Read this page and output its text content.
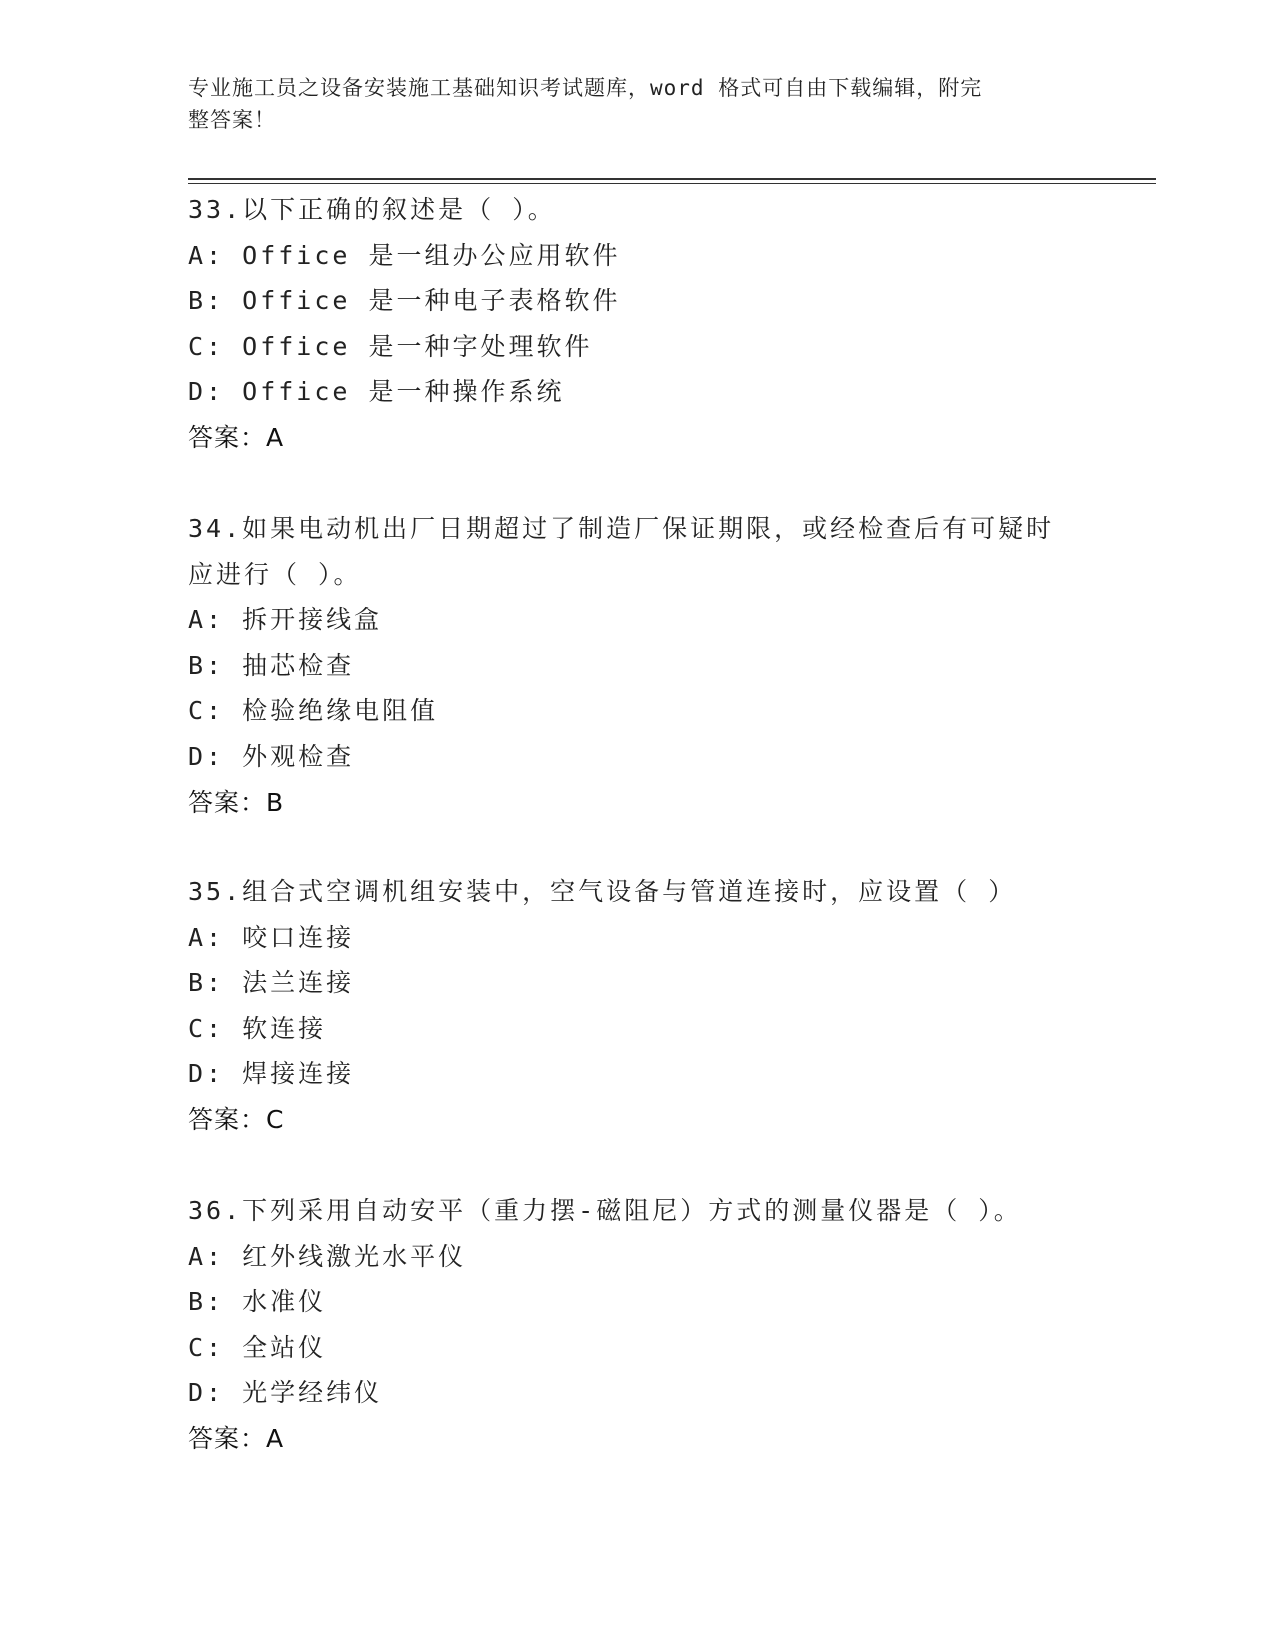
专业施工员之设备安装施工基础知识考试题库，word 格式可自由下载编辑，附完
整答案！
33.以下正确的叙述是（ ）。
A: Office 是一组办公应用软件
B: Office 是一种电子表格软件
C: Office 是一种字处理软件
D: Office 是一种操作系统
答案：A
34.如果电动机出厂日期超过了制造厂保证期限，或经检查后有可疑时
应进行（ ）。
A: 拆开接线盒
B: 抽芯检查
C: 检验绝缘电阻值
D: 外观检查
答案：B
35.组合式空调机组安装中，空气设备与管道连接时，应设置（ ）
A: 咬口连接
B: 法兰连接
C: 软连接
D: 焊接连接
答案：C
36.下列采用自动安平（重力摆-磁阻尼）方式的测量仪器是（ ）。
A: 红外线激光水平仪
B: 水准仪
C: 全站仪
D: 光学经纬仪
答案：A
